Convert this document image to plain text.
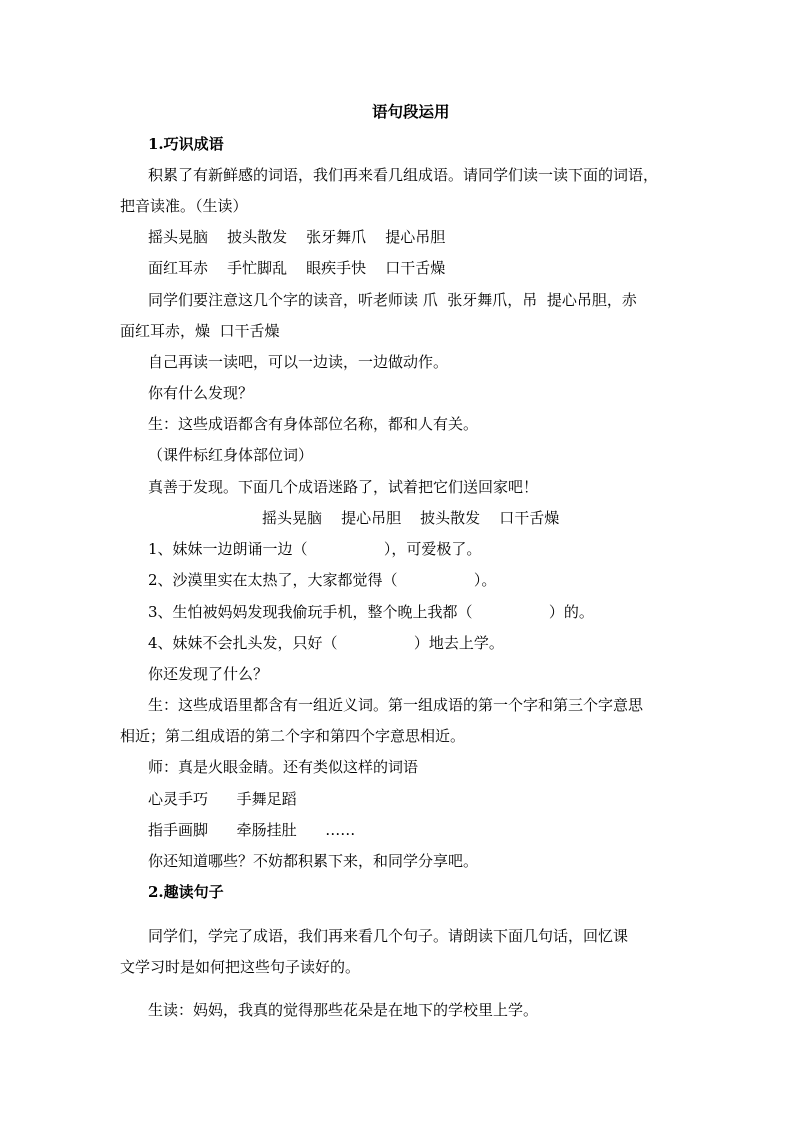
语句段运用
1.巧识成语
积累了有新鲜感的词语，我们再来看几组成语。请同学们读一读下面的词语，
把音读准。（生读）
摇头晃脑    披头散发    张牙舞爪    提心吊胆
面红耳赤    手忙脚乱    眼疾手快    口干舌燥
同学们要注意这几个字的读音，听老师读 爪  张牙舞爪，吊  提心吊胆，赤
面红耳赤，燥  口干舌燥
自己再读一读吧，可以一边读，一边做动作。
你有什么发现？
生：这些成语都含有身体部位名称，都和人有关。
（课件标红身体部位词）
真善于发现。下面几个成语迷路了，试着把它们送回家吧！
摇头晃脑    提心吊胆    披头散发    口干舌燥
1、妹妹一边朗诵一边（                ），可爱极了。
2、沙漠里实在太热了，大家都觉得（                ）。
3、生怕被妈妈发现我偷玩手机，整个晚上我都（                ）的。
4、妹妹不会扎头发，只好（                ）地去上学。
你还发现了什么？
生：这些成语里都含有一组近义词。第一组成语的第一个字和第三个字意思
相近；第二组成语的第二个字和第四个字意思相近。
师：真是火眼金睛。还有类似这样的词语
心灵手巧      手舞足蹈
指手画脚      牵肠挂肚      ……
你还知道哪些？不妨都积累下来，和同学分享吧。
2.趣读句子
同学们，学完了成语，我们再来看几个句子。请朗读下面几句话，回忆课
文学习时是如何把这些句子读好的。
生读：妈妈，我真的觉得那些花朵是在地下的学校里上学。
